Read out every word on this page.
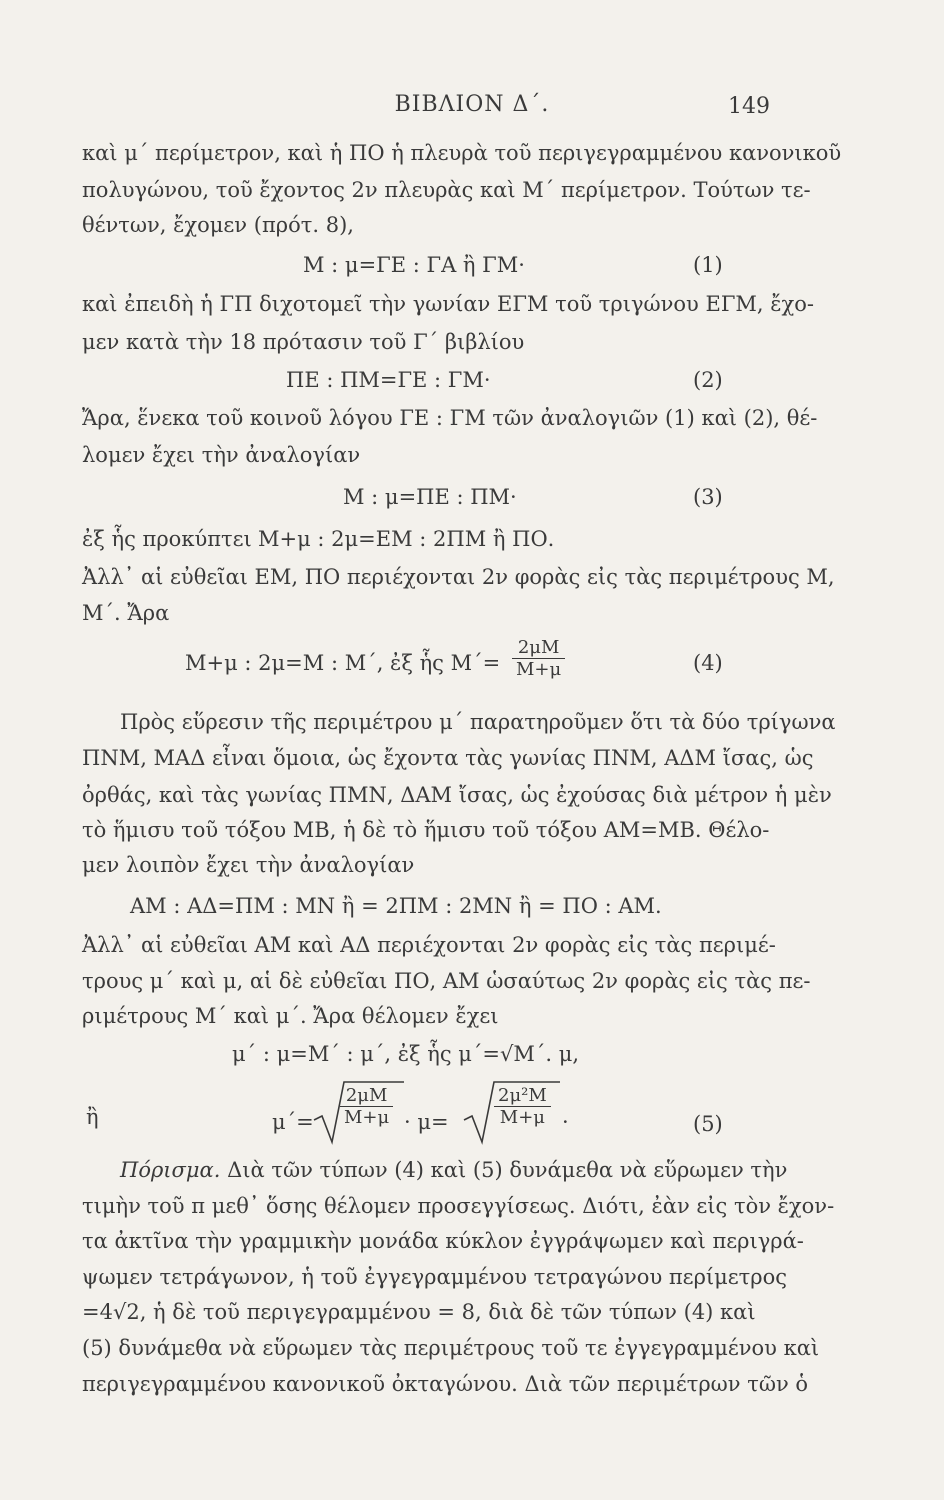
ΒΙΒΛΙΟΝ Δ΄.	149
καὶ μ΄ περίμετρον, καὶ ἡ ΠΟ ἡ πλευρὰ τοῦ περιγεγραμμένου κανονικοῦ
πολυγώνου, τοῦ ἔχοντος 2ν πλευρὰς καὶ Μ΄ περίμετρον. Τούτων τε-
θέντων, ἔχομεν (πρότ. 8),
Μ : μ=ΓΕ : ΓΑ ἢ ΓΜ·	(1)
καὶ ἐπειδὴ ἡ ΓΠ διχοτομεῖ τὴν γωνίαν ΕΓΜ τοῦ τριγώνου ΕΓΜ, ἔχο-
μεν κατὰ τὴν 18 πρότασιν τοῦ Γ΄ βιβλίου
ΠΕ : ΠΜ=ΓΕ : ΓΜ·	(2)
Ἄρα, ἕνεκα τοῦ κοινοῦ λόγου ΓΕ : ΓΜ τῶν ἀναλογιῶν (1) καὶ (2), θέ-
λομεν ἔχει τὴν ἀναλογίαν
Μ : μ=ΠΕ : ΠΜ·	(3)
ἐξ ἧς προκύπτει Μ+μ : 2μ=ΕΜ : 2ΠΜ ἢ ΠΟ.
Ἀλλ᾿ αἱ εὐθεῖαι ΕΜ, ΠΟ περιέχονται 2ν φορὰς εἰς τὰς περιμέτρους Μ,
Μ΄. Ἄρα
Μ+μ : 2μ=Μ : Μ΄, ἐξ ἧς $M΄= \frac{2\mu M}{M+\mu}$	(4)
Πρὸς εὕρεσιν τῆς περιμέτρου μ΄ παρατηροῦμεν ὅτι τὰ δύο τρίγωνα
ΠΝΜ, ΜΑΔ εἶναι ὅμοια, ὡς ἔχοντα τὰς γωνίας ΠΝΜ, ΑΔΜ ἴσας, ὡς
ὀρθάς, καὶ τὰς γωνίας ΠΜΝ, ΔΑΜ ἴσας, ὡς ἐχούσας διὰ μέτρον ἡ μὲν
τὸ ἥμισυ τοῦ τόξου ΜΒ, ἡ δὲ τὸ ἥμισυ τοῦ τόξου ΑΜ=ΜΒ. Θέλο-
μεν λοιπὸν ἔχει τὴν ἀναλογίαν
ΑΜ : ΑΔ=ΠΜ : ΜΝ ἢ = 2ΠΜ : 2ΜΝ ἢ = ΠΟ : ΑΜ.
Ἀλλ᾿ αἱ εὐθεῖαι ΑΜ καὶ ΑΔ περιέχονται 2ν φορὰς εἰς τὰς περιμέ-
τρους μ΄ καὶ μ, αἱ δὲ εὐθεῖαι ΠΟ, ΑΜ ὡσαύτως 2ν φορὰς εἰς τὰς πε-
ριμέτρους Μ΄ καὶ μ΄. Ἄρα θέλομεν ἔχει
μ΄ : μ=Μ΄ : μ΄, ἐξ ἧς μ΄=√Μ΄. μ,
ἢ	$\mu΄= \frac{2\mu M}{M+\mu} \cdot \mu=$	$\frac{\text{2μ²Μ}}{M+\mu}$ ·	(5)
Πόρισμα. Διὰ τῶν τύπων (4) καὶ (5) δυνάμεθα νὰ εὕρωμεν τὴν
τιμὴν τοῦ π μεθ᾿ ὅσης θέλομεν προσεγγίσεως. Διότι, ἐὰν εἰς τὸν ἔχον-
τα ἀκτῖνα τὴν γραμμικὴν μονάδα κύκλον ἐγγράψωμεν καὶ περιγρά-
ψωμεν τετράγωνον, ἡ τοῦ ἐγγεγραμμένου τετραγώνου περίμετρος
=4√2, ἡ δὲ τοῦ περιγεγραμμένου = 8, διὰ δὲ τῶν τύπων (4) καὶ
(5) δυνάμεθα νὰ εὕρωμεν τὰς περιμέτρους τοῦ τε ἐγγεγραμμένου καὶ
περιγεγραμμένου κανονικοῦ ὀκταγώνου. Διὰ τῶν περιμέτρων τῶν ὁ
